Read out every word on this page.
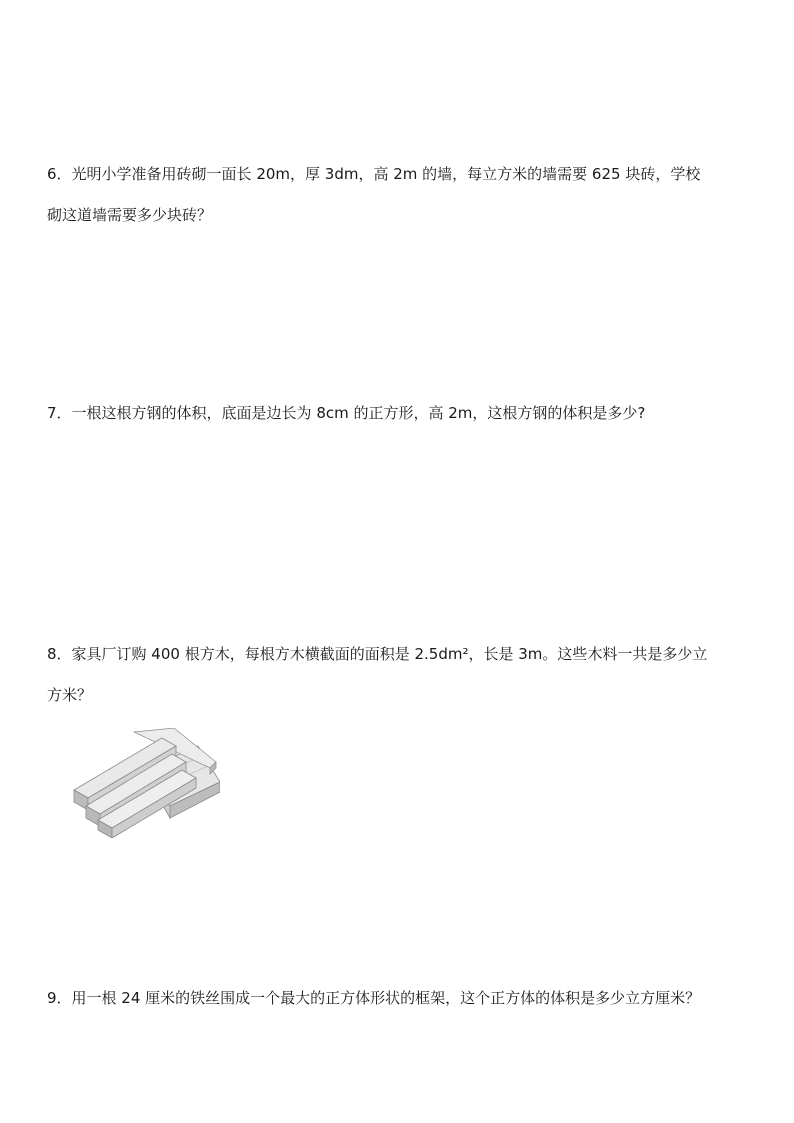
6．光明小学准备用砖砌一面长 20m，厚 3dm，高 2m 的墙，每立方米的墙需要 625 块砖，学校
砌这道墙需要多少块砖？
7．一根这根方钢的体积，底面是边长为 8cm 的正方形，高 2m，这根方钢的体积是多少?
8．家具厂订购 400 根方木，每根方木横截面的面积是 2.5dm²，长是 3m。这些木料一共是多少立
方米？
9．用一根 24 厘米的铁丝围成一个最大的正方体形状的框架，这个正方体的体积是多少立方厘米？
